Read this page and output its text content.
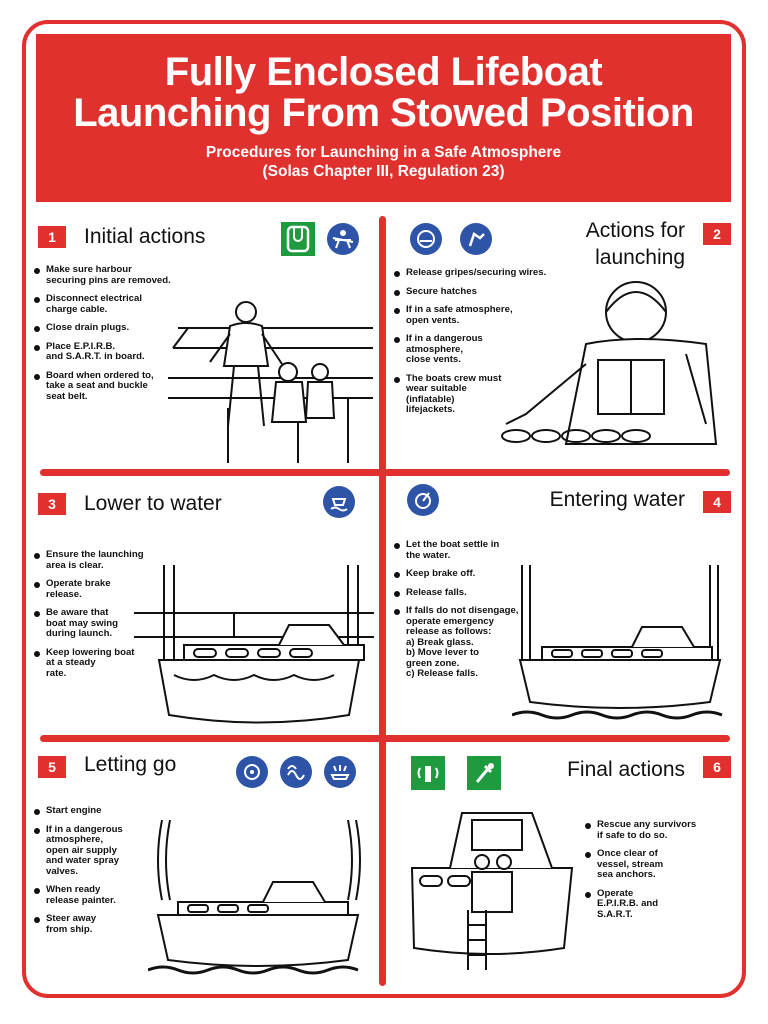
Fully Enclosed Lifeboat
Launching From Stowed Position
Procedures for Launching in a Safe Atmosphere
(Solas Chapter III, Regulation 23)
1	Initial actions
Make sure harbour
securing pins are removed.
Disconnect electrical
charge cable.
Close drain plugs.
Place E.P.I.R.B.
and S.A.R.T. in board.
Board when ordered to,
take a seat and buckle
seat belt.
Actions for
launching
2
Release gripes/securing wires.
Secure hatches
If in a safe atmosphere,
open vents.
If in a dangerous
atmosphere,
close vents.
The boats crew must
wear suitable
(inflatable)
lifejackets.
3	Lower to water
Ensure the launching
area is clear.
Operate brake
release.
Be aware that
boat may swing
during launch.
Keep lowering boat
at a steady
rate.
Entering water	4
Let the boat settle in
the water.
Keep brake off.
Release falls.
If falls do not disengage,
operate emergency
release as follows:
a) Break glass.
b) Move lever to
green zone.
c) Release falls.
5	Letting go
Start engine
If in a dangerous
atmosphere,
open air supply
and water spray
valves.
When ready
release painter.
Steer away
from ship.
Final actions	6
Rescue any survivors
if safe to do so.
Once clear of
vessel, stream
sea anchors.
Operate
E.P.I.R.B. and
S.A.R.T.
